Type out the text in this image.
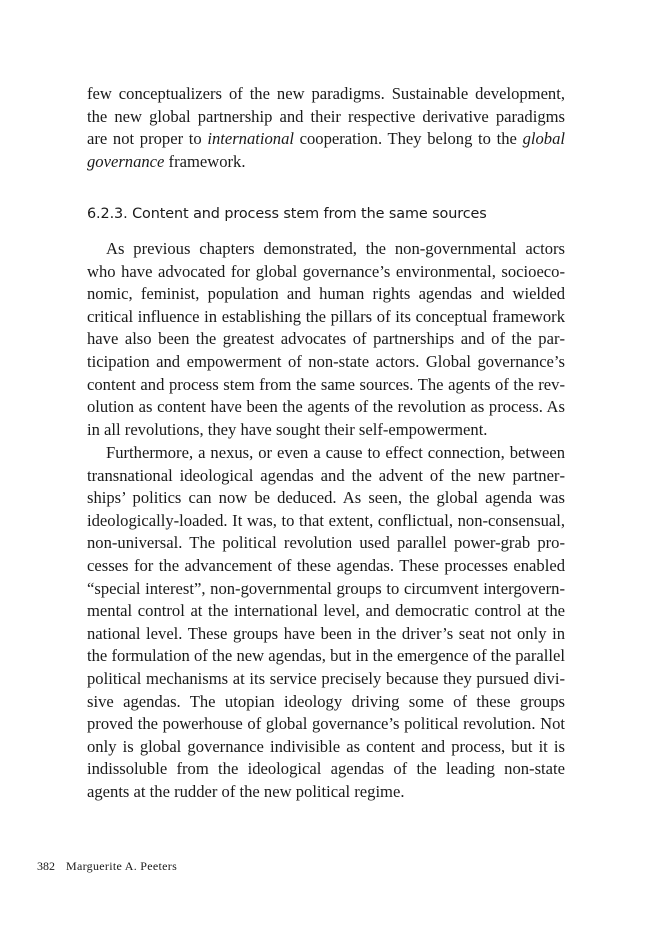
few conceptualizers of the new paradigms. Sustainable development, the new global partnership and their respective derivative paradigms are not proper to international cooperation. They belong to the global governance framework.

6.2.3. Content and process stem from the same sources

As previous chapters demonstrated, the non-governmental actors who have advocated for global governance’s environmental, socioeconomic, feminist, population and human rights agendas and wielded critical influence in establishing the pillars of its conceptual framework have also been the greatest advocates of partnerships and of the participation and empowerment of non-state actors. Global governance’s content and process stem from the same sources. The agents of the revolution as content have been the agents of the revolution as process. As in all revolutions, they have sought their self-empowerment.

Furthermore, a nexus, or even a cause to effect connection, between transnational ideological agendas and the advent of the new partnerships’ politics can now be deduced. As seen, the global agenda was ideologically-loaded. It was, to that extent, conflictual, non-consensual, non-universal. The political revolution used parallel power-grab processes for the advancement of these agendas. These processes enabled “special interest”, non-governmental groups to circumvent intergovernmental control at the international level, and democratic control at the national level. These groups have been in the driver’s seat not only in the formulation of the new agendas, but in the emergence of the parallel political mechanisms at its service precisely because they pursued divisive agendas. The utopian ideology driving some of these groups proved the powerhouse of global governance’s political revolution. Not only is global governance indivisible as content and process, but it is indissoluble from the ideological agendas of the leading non-state agents at the rudder of the new political regime.

382 Marguerite A. Peeters
